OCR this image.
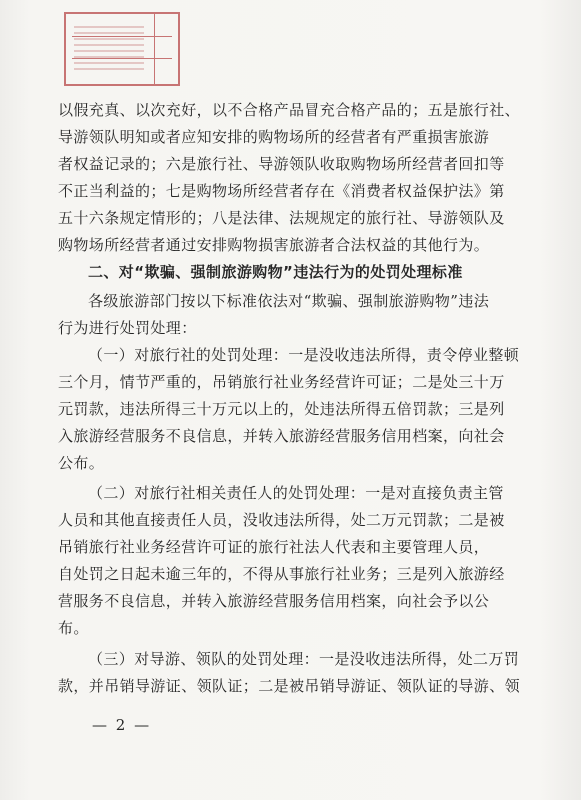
以假充真、以次充好，以不合格产品冒充合格产品的；五是旅行社、
导游领队明知或者应知安排的购物场所的经营者有严重损害旅游
者权益记录的；六是旅行社、导游领队收取购物场所经营者回扣等
不正当利益的；七是购物场所经营者存在《消费者权益保护法》第
五十六条规定情形的；八是法律、法规规定的旅行社、导游领队及
购物场所经营者通过安排购物损害旅游者合法权益的其他行为。
二、对“欺骗、强制旅游购物”违法行为的处罚处理标准
各级旅游部门按以下标准依法对“欺骗、强制旅游购物”违法
行为进行处罚处理：
（一）对旅行社的处罚处理：一是没收违法所得，责令停业整顿
三个月，情节严重的，吊销旅行社业务经营许可证；二是处三十万
元罚款，违法所得三十万元以上的，处违法所得五倍罚款；三是列
入旅游经营服务不良信息，并转入旅游经营服务信用档案，向社会
公布。
（二）对旅行社相关责任人的处罚处理：一是对直接负责主管
人员和其他直接责任人员，没收违法所得，处二万元罚款；二是被
吊销旅行社业务经营许可证的旅行社法人代表和主要管理人员，
自处罚之日起未逾三年的，不得从事旅行社业务；三是列入旅游经
营服务不良信息，并转入旅游经营服务信用档案，向社会予以公
布。
（三）对导游、领队的处罚处理：一是没收违法所得，处二万罚
款，并吊销导游证、领队证；二是被吊销导游证、领队证的导游、领
— 2 —
